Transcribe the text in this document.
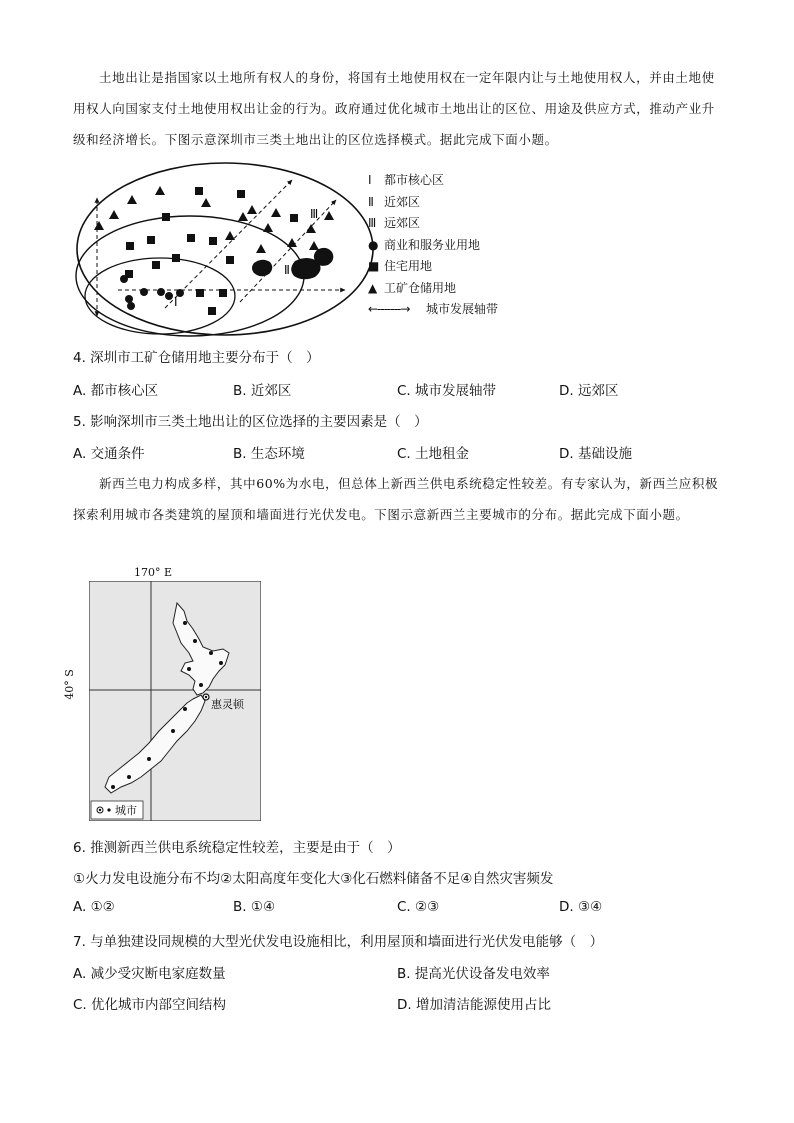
土地出让是指国家以土地所有权人的身份，将国有土地使用权在一定年限内让与土地使用权人，并由土地使用权人向国家支付土地使用权出让金的行为。政府通过优化城市土地出让的区位、用途及供应方式，推动产业升级和经济增长。下图示意深圳市三类土地出让的区位选择模式。据此完成下面小题。

Ⅰ
Ⅱ
Ⅲ
Ⅰ 都市核心区
Ⅱ 近郊区
Ⅲ 远郊区
● 商业和服务业用地
■ 住宅用地
▲ 工矿仓储用地
←-------→ 城市发展轴带

4. 深圳市工矿仓储用地主要分布于（　）

A. 都市核心区	B. 近郊区	C. 城市发展轴带	D. 远郊区

5. 影响深圳市三类土地出让的区位选择的主要因素是（　）

A. 交通条件	B. 生态环境	C. 土地租金	D. 基础设施

新西兰电力构成多样，其中60%为水电，但总体上新西兰供电系统稳定性较差。有专家认为，新西兰应积极探索利用城市各类建筑的屋顶和墙面进行光伏发电。下图示意新西兰主要城市的分布。据此完成下面小题。

170° E
40° S
惠灵顿
城市

6. 推测新西兰供电系统稳定性较差，主要是由于（　）

①火力发电设施分布不均②太阳高度年变化大③化石燃料储备不足④自然灾害频发

A. ①②	B. ①④	C. ②③	D. ③④

7. 与单独建设同规模的大型光伏发电设施相比，利用屋顶和墙面进行光伏发电能够（　）

A. 减少受灾断电家庭数量	B. 提高光伏设备发电效率
C. 优化城市内部空间结构	D. 增加清洁能源使用占比
